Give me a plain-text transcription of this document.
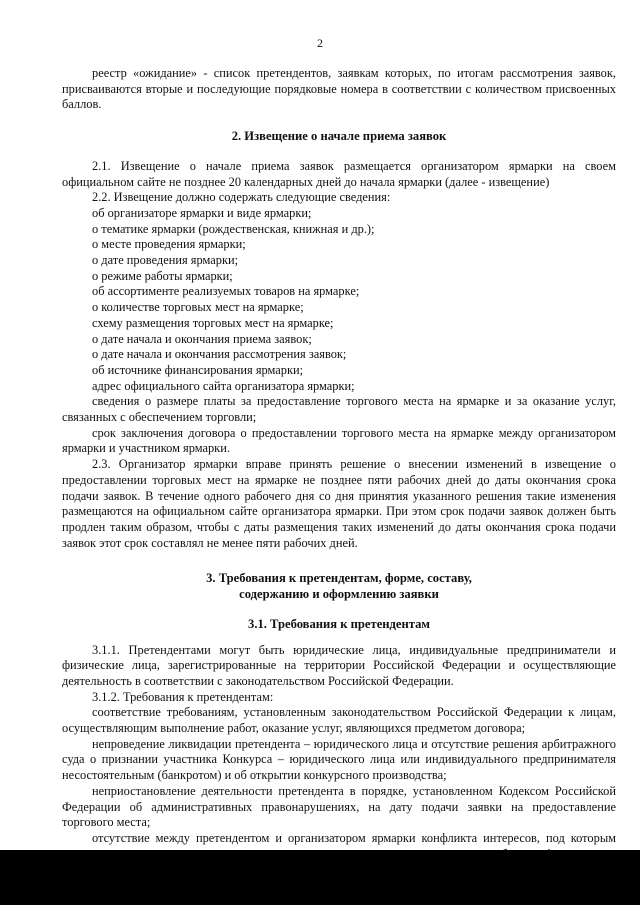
2

реестр «ожидание» - список претендентов, заявкам которых, по итогам рассмотрения заявок, присваиваются вторые и последующие порядковые номера в соответствии с количеством присвоенных баллов.

2. Извещение о начале приема заявок

2.1. Извещение о начале приема заявок размещается организатором ярмарки на своем официальном сайте не позднее 20 календарных дней до начала ярмарки (далее - извещение)

2.2. Извещение должно содержать следующие сведения:

об организаторе ярмарки и виде ярмарки;

о тематике ярмарки (рождественская, книжная и др.);

о месте проведения ярмарки;

о дате проведения ярмарки;

о режиме работы ярмарки;

об ассортименте реализуемых товаров на ярмарке;

о количестве торговых мест на ярмарке;

схему размещения торговых мест на ярмарке;

о дате начала и окончания приема заявок;

о дате начала и окончания рассмотрения заявок;

об источнике финансирования ярмарки;

адрес официального сайта организатора ярмарки;

сведения о размере платы за предоставление торгового места на ярмарке и за оказание услуг, связанных с обеспечением торговли;

срок заключения договора о предоставлении торгового места на ярмарке между организатором ярмарки и участником ярмарки.

2.3. Организатор ярмарки вправе принять решение о внесении изменений в извещение о предоставлении торговых мест на ярмарке не позднее пяти рабочих дней до даты окончания срока подачи заявок. В течение одного рабочего дня со дня принятия указанного решения такие изменения размещаются на официальном сайте организатора ярмарки. При этом срок подачи заявок должен быть продлен таким образом, чтобы с даты размещения таких изменений до даты окончания срока подачи заявок этот срок составлял не менее пяти рабочих дней.

3. Требования к претендентам, форме, составу,

содержанию и оформлению заявки

3.1. Требования к претендентам

3.1.1. Претендентами могут быть юридические лица, индивидуальные предприниматели и физические лица, зарегистрированные на территории Российской Федерации и осуществляющие деятельность в соответствии с законодательством Российской Федерации.

3.1.2. Требования к претендентам:

соответствие требованиям, установленным законодательством Российской Федерации к лицам, осуществляющим выполнение работ, оказание услуг, являющихся предметом договора;

непроведение ликвидации претендента – юридического лица и отсутствие решения арбитражного суда о признании участника Конкурса – юридического лица или индивидуального предпринимателя несостоятельным (банкротом) и об открытии конкурсного производства;

неприостановление деятельности претендента в порядке, установленном Кодексом Российской Федерации об административных правонарушениях, на дату подачи заявки на предоставление торгового места;

отсутствие между претендентом и организатором ярмарки конфликта интересов, под которым
